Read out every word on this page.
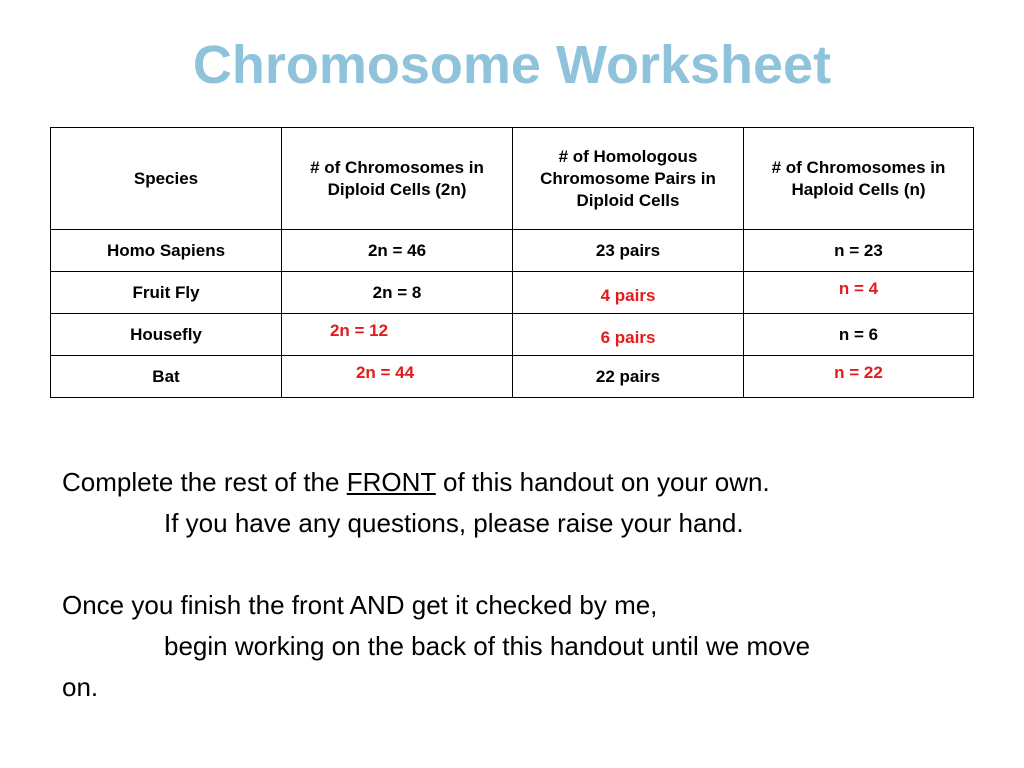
Chromosome Worksheet
Species	# of Chromosomes in Diploid Cells (2n)	# of Homologous Chromosome Pairs in Diploid Cells	# of Chromosomes in Haploid Cells (n)
Homo Sapiens	2n = 46	23 pairs	n = 23
Fruit Fly	2n = 8	4 pairs	n = 4
Housefly	2n = 12	6 pairs	n = 6
Bat	2n = 44	22 pairs	n = 22

Complete the rest of the FRONT of this handout on your own.

If you have any questions, please raise your hand.

Once you finish the front AND get it checked by me,

begin working on the back of this handout until we move

on.
